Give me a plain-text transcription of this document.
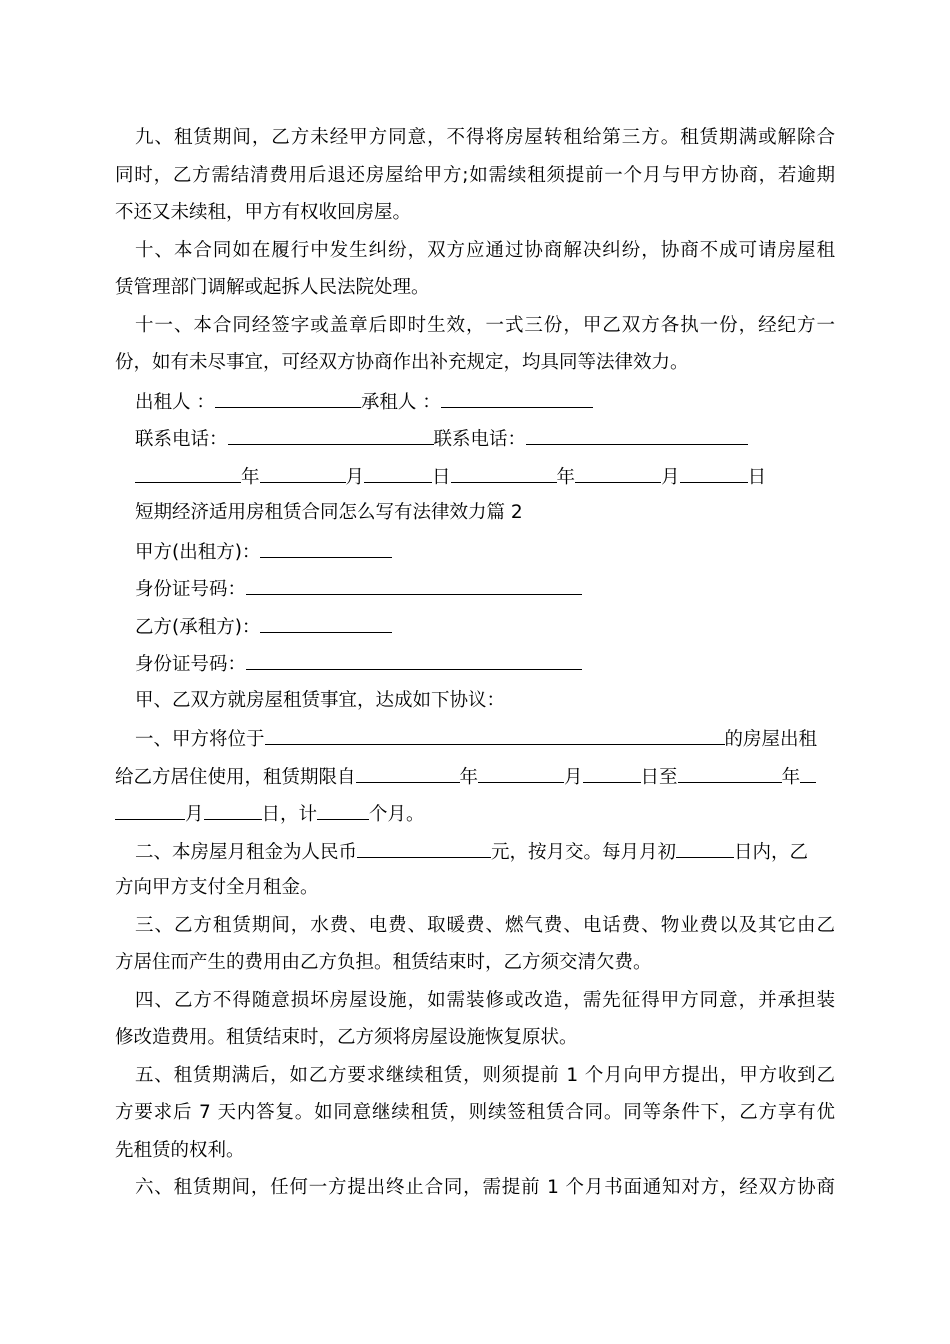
九、租赁期间，乙方未经甲方同意，不得将房屋转租给第三方。租赁期满或解除合
同时，乙方需结清费用后退还房屋给甲方;如需续租须提前一个月与甲方协商，若逾期
不还又未续租，甲方有权收回房屋。
十、本合同如在履行中发生纠纷，双方应通过协商解决纠纷，协商不成可请房屋租
赁管理部门调解或起拆人民法院处理。
十一、本合同经签字或盖章后即时生效，一式三份，甲乙双方各执一份，经纪方一
份，如有未尽事宜，可经双方协商作出补充规定，均具同等法律效力。
出租人 ：	承租人 ：
联系电话：	联系电话：
年	月	日	年	月	日
短期经济适用房租赁合同怎么写有法律效力篇 2
甲方(出租方)：
身份证号码：
乙方(承租方)：
身份证号码：
甲、乙双方就房屋租赁事宜，达成如下协议：
一、甲方将位于	的房屋出租
给乙方居住使用，租赁期限自	年	月	日至	年
月	日，计	个月。
二、本房屋月租金为人民币	元，按月交。每月月初	日内，乙
方向甲方支付全月租金。
三、乙方租赁期间，水费、电费、取暖费、燃气费、电话费、物业费以及其它由乙
方居住而产生的费用由乙方负担。租赁结束时，乙方须交清欠费。
四、乙方不得随意损坏房屋设施，如需装修或改造，需先征得甲方同意，并承担装
修改造费用。租赁结束时，乙方须将房屋设施恢复原状。
五、租赁期满后，如乙方要求继续租赁，则须提前 1 个月向甲方提出，甲方收到乙
方要求后 7 天内答复。如同意继续租赁，则续签租赁合同。同等条件下，乙方享有优
先租赁的权利。
六、租赁期间，任何一方提出终止合同，需提前 1 个月书面通知对方，经双方协商
